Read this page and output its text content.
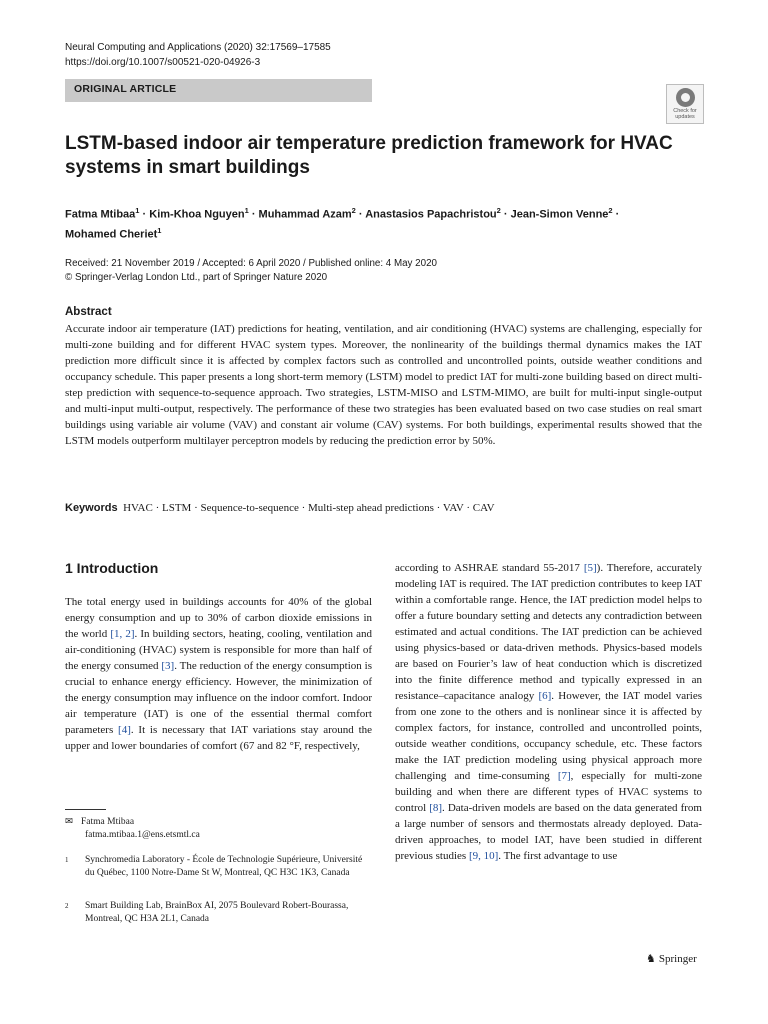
Neural Computing and Applications (2020) 32:17569–17585
https://doi.org/10.1007/s00521-020-04926-3
ORIGINAL ARTICLE
Check for
updates
LSTM-based indoor air temperature prediction framework for HVAC
systems in smart buildings
Fatma Mtibaa$^1$ · Kim-Khoa Nguyen$^1$ · Muhammad Azam$^2$ · Anastasios Papachristou$^2$ · Jean-Simon Venne$^2$ ·
Mohamed Cheriet$^1$
Received: 21 November 2019 / Accepted: 6 April 2020 / Published online: 4 May 2020
© Springer-Verlag London Ltd., part of Springer Nature 2020
Abstract
Accurate indoor air temperature (IAT) predictions for heating, ventilation, and air conditioning (HVAC) systems are challenging, especially for multi-zone building and for different HVAC system types. Moreover, the nonlinearity of the buildings thermal dynamics makes the IAT prediction more difficult since it is affected by complex factors such as controlled and uncontrolled points, outside weather conditions and occupancy schedule. This paper presents a long short-term memory (LSTM) model to predict IAT for multi-zone building based on direct multi-step prediction with sequence-to-sequence approach. Two strategies, LSTM-MISO and LSTM-MIMO, are built for multi-input single-output and multi-input multi-output, respectively. The performance of these two strategies has been evaluated based on two case studies on real smart buildings using variable air volume (VAV) and constant air volume (CAV) systems. For both buildings, experimental results showed that the LSTM models outperform multilayer perceptron models by reducing the prediction error by 50%.
Keywords HVAC · LSTM · Sequence-to-sequence · Multi-step ahead predictions · VAV · CAV
1 Introduction
The total energy used in buildings accounts for 40% of the global energy consumption and up to 30% of carbon dioxide emissions in the world [1, 2]. In building sectors, heating, cooling, ventilation and air-conditioning (HVAC) system is responsible for more than half of the energy consumed [3]. The reduction of the energy consumption is crucial to enhance energy efficiency. However, the minimization of the energy consumption may influence on the indoor comfort. Indoor air temperature (IAT) is one of the essential thermal comfort parameters [4]. It is necessary that IAT variations stay around the upper and lower boundaries of comfort (67 and 82 °F, respectively,
according to ASHRAE standard 55-2017 [5]). Therefore, accurately modeling IAT is required. The IAT prediction contributes to keep IAT within a comfortable range. Hence, the IAT prediction model helps to offer a future boundary setting and detects any contradiction between estimated and actual conditions. The IAT prediction can be achieved using physics-based or data-driven methods. Physics-based models are based on Fourier’s law of heat conduction which is discretized into the finite difference method and typically expressed in an resistance–capacitance analogy [6]. However, the IAT model varies from one zone to the others and is nonlinear since it is affected by complex factors, for instance, controlled and uncontrolled points, outside weather conditions, occupancy schedule, etc. These factors make the IAT prediction modeling using physical approach more challenging and time-consuming [7], especially for multi-zone building and when there are different types of HVAC systems to control [8]. Data-driven models are based on the data generated from a large number of sensors and thermostats already deployed. Data-driven approaches, to model IAT, have been studied in different previous studies [9, 10]. The first advantage to use
✉ Fatma Mtibaa
fatma.mtibaa.1@ens.etsmtl.ca
1 Synchromedia Laboratory - École de Technologie Supérieure, Université du Québec, 1100 Notre-Dame St W, Montreal, QC H3C 1K3, Canada
2 Smart Building Lab, BrainBox AI, 2075 Boulevard Robert-Bourassa, Montreal, QC H3A 2L1, Canada
♞ Springer
